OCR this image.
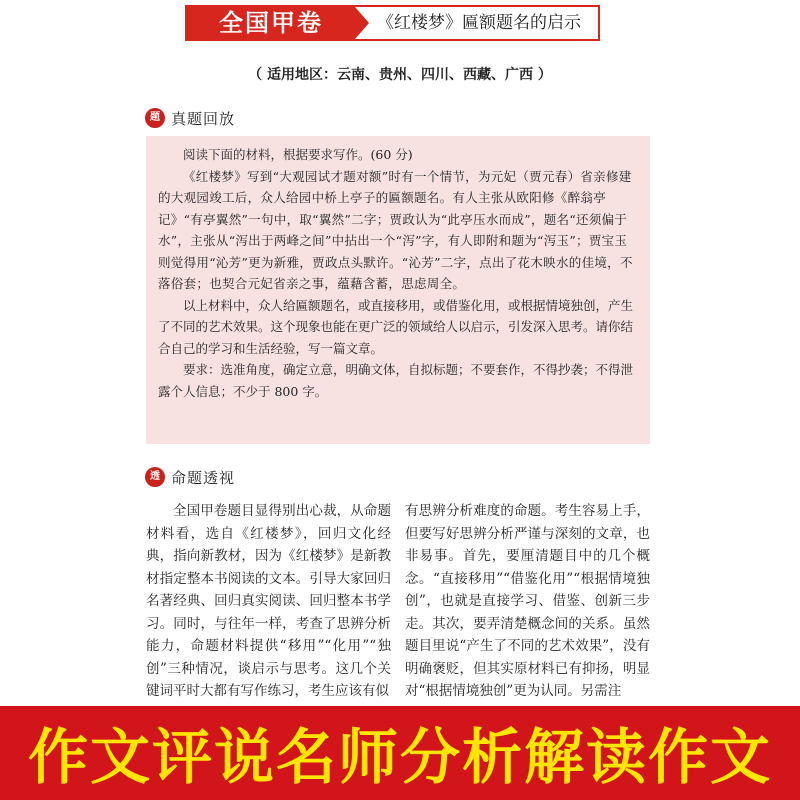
全国甲卷	《红楼梦》匾额题名的启示
（ 适用地区：云南、贵州、四川、西藏、广西 ）
题 真题回放

阅读下面的材料，根据要求写作。(60 分)

《红楼梦》写到“大观园试才题对额”时有一个情节，为元妃（贾元春）省亲修建的大观园竣工后，众人给园中桥上亭子的匾额题名。有人主张从欧阳修《醉翁亭记》“有亭翼然”一句中，取“翼然”二字；贾政认为“此亭压水而成”，题名“还须偏于水”，主张从“泻出于两峰之间”中拈出一个“泻”字，有人即附和题为“泻玉”；贾宝玉则觉得用“沁芳”更为新雅，贾政点头默许。“沁芳”二字，点出了花木映水的佳境，不落俗套；也契合元妃省亲之事，蕴藉含蓄，思虑周全。

以上材料中，众人给匾额题名，或直接移用，或借鉴化用，或根据情境独创，产生了不同的艺术效果。这个现象也能在更广泛的领域给人以启示，引发深入思考。请你结合自己的学习和生活经验，写一篇文章。

要求：选准角度，确定立意，明确文体，自拟标题；不要套作，不得抄袭；不得泄露个人信息；不少于 800 字。

透 命题透视

全国甲卷题目显得别出心裁，从命题材料看，选自《红楼梦》，回归文化经典，指向新教材，因为《红楼梦》是新教材指定整本书阅读的文本。引导大家回归名著经典、回归真实阅读、回归整本书学习。同时，与往年一样，考查了思辨分析能力，命题材料提供“移用”“化用”“独创”三种情况，谈启示与思考。这几个关键词平时大都有写作练习，考生应该有似

有思辨分析难度的命题。考生容易上手，但要写好思辨分析严谨与深刻的文章，也非易事。首先，要厘清题目中的几个概念。“直接移用”“借鉴化用”“根据情境独创”，也就是直接学习、借鉴、创新三步走。其次，要弄清楚概念间的关系。虽然题目里说“产生了不同的艺术效果”，没有明确褒贬，但其实原材料已有抑扬，明显对“根据情境独创”更为认同。另需注

作文评说名师分析解读作文
